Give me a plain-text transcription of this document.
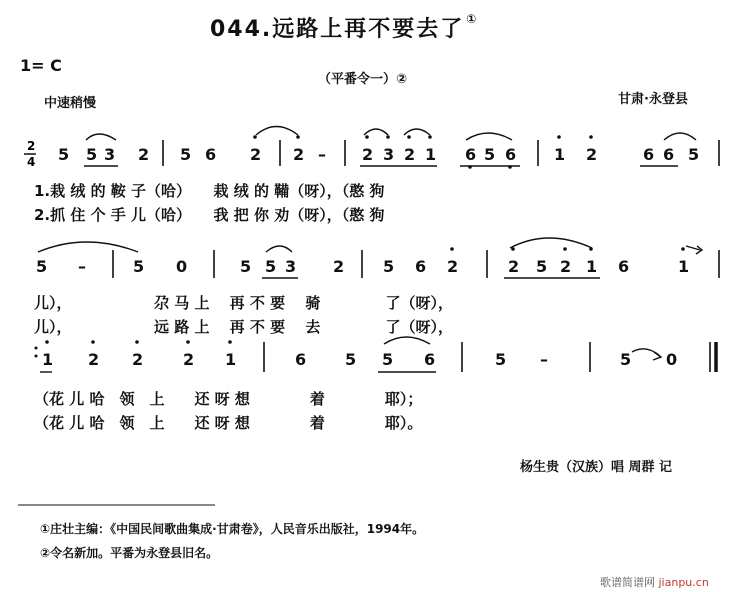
044.远路上再不要去了 ①
1= C
（平番令一）②
中速稍慢	甘肃·永登县
2
4 5 5 3 2 5 6 2 2 – 2 3 2 1 6 5 6 1 2	6 6 5
5 –	5 0	5 5 3 2 5 6 2	2 5 2 1 6	1
1 2 2 2 1	6 5 5 6	5 –	5 0
1.栽 绒 的 鞍 子（哈）　　栽 绒 的 鞴（呀），（憨 狗
2.抓 住 个 手 儿（哈）　　我 把 你 劝（呀），（憨 狗
儿），　　　　　　尕 马 上　 再 不 要　 骑　　　　 了（呀），
儿），　　　　　　远 路 上　 再 不 要　 去　　　　 了（呀），
（花 儿 哈　领　上　　还 呀 想　　　　着　　　　耶）；
（花 儿 哈　领　上　　还 呀 想　　　　着　　　　耶）。
杨生贵（汉族）唱 周群 记
①庄壮主编：《中国民间歌曲集成·甘肃卷》，人民音乐出版社，1994年。
②令名新加。平番为永登县旧名。
歌谱简谱网 jianpu.cn
